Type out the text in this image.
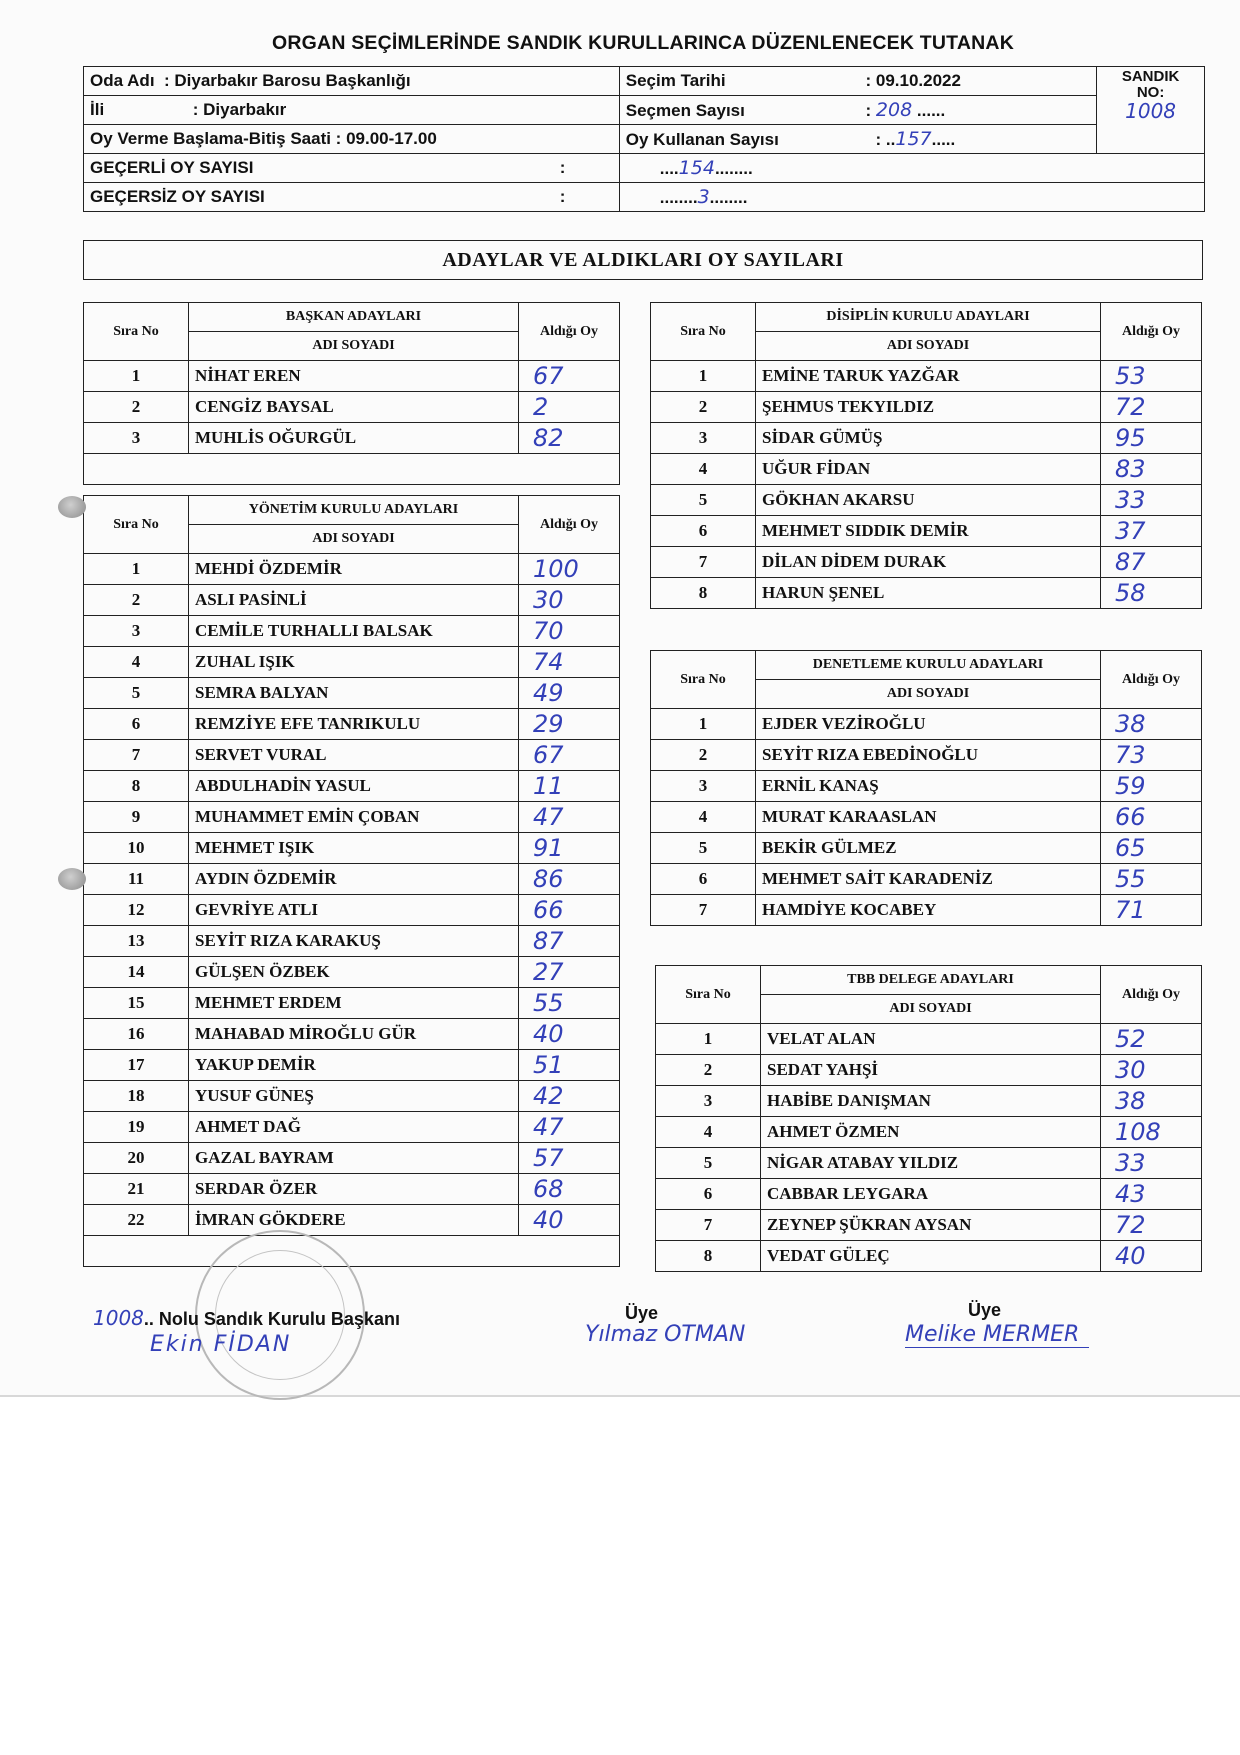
ORGAN SEÇİMLERİNDE SANDIK KURULLARINCA DÜZENLENECEK TUTANAK
Oda Adı : Diyarbakır Barosu Başkanlığı	Seçim Tarihi : 09.10.2022	SANDIK
NO:
1008

İli : Diyarbakır	Seçmen Sayısı : 208 ......	
Oy Verme Başlama-Bitiş Saati : 09.00-17.00	Oy Kullanan Sayısı : ..157.....	
GEÇERLİ OY SAYISI :	....154........	
GEÇERSİZ OY SAYISI :	........3........	
ADAYLAR VE ALDIKLARI OY SAYILARI
Sıra No	BAŞKAN ADAYLARI	Aldığı Oy
	ADI SOYADI	
1	NİHAT EREN	67
2	CENGİZ BAYSAL	2
3	MUHLİS OĞURGÜL	82

Sıra No	YÖNETİM KURULU ADAYLARI	Aldığı Oy
	ADI SOYADI	
1	MEHDİ ÖZDEMİR	100
2	ASLI PASİNLİ	30
3	CEMİLE TURHALLI BALSAK	70
4	ZUHAL IŞIK	74
5	SEMRA BALYAN	49
6	REMZİYE EFE TANRIKULU	29
7	SERVET VURAL	67
8	ABDULHADİN YASUL	11
9	MUHAMMET EMİN ÇOBAN	47
10	MEHMET IŞIK	91
11	AYDIN ÖZDEMİR	86
12	GEVRİYE ATLI	66
13	SEYİT RIZA KARAKUŞ	87
14	GÜLŞEN ÖZBEK	27
15	MEHMET ERDEM	55
16	MAHABAD MİROĞLU GÜR	40
17	YAKUP DEMİR	51
18	YUSUF GÜNEŞ	42
19	AHMET DAĞ	47
20	GAZAL BAYRAM	57
21	SERDAR ÖZER	68
22	İMRAN GÖKDERE	40

Sıra No	DİSİPLİN KURULU ADAYLARI	Aldığı Oy
	ADI SOYADI	
1	EMİNE TARUK YAZĞAR	53
2	ŞEHMUS TEKYILDIZ	72
3	SİDAR GÜMÜŞ	95
4	UĞUR FİDAN	83
5	GÖKHAN AKARSU	33
6	MEHMET SIDDIK DEMİR	37
7	DİLAN DİDEM DURAK	87
8	HARUN ŞENEL	58
Sıra No	DENETLEME KURULU ADAYLARI	Aldığı Oy
	ADI SOYADI	
1	EJDER VEZİROĞLU	38
2	SEYİT RIZA EBEDİNOĞLU	73
3	ERNİL KANAŞ	59
4	MURAT KARAASLAN	66
5	BEKİR GÜLMEZ	65
6	MEHMET SAİT KARADENİZ	55
7	HAMDİYE KOCABEY	71
Sıra No	TBB DELEGE ADAYLARI	Aldığı Oy
	ADI SOYADI	
1	VELAT ALAN	52
2	SEDAT YAHŞİ	30
3	HABİBE DANIŞMAN	38
4	AHMET ÖZMEN	108
5	NİGAR ATABAY YILDIZ	33
6	CABBAR LEYGARA	43
7	ZEYNEP ŞÜKRAN AYSAN	72
8	VEDAT GÜLEÇ	40
1008.. Nolu Sandık Kurulu Başkanı
Ekin FİDAN
Üye
Yılmaz OTMAN
Üye
Melike MERMER
